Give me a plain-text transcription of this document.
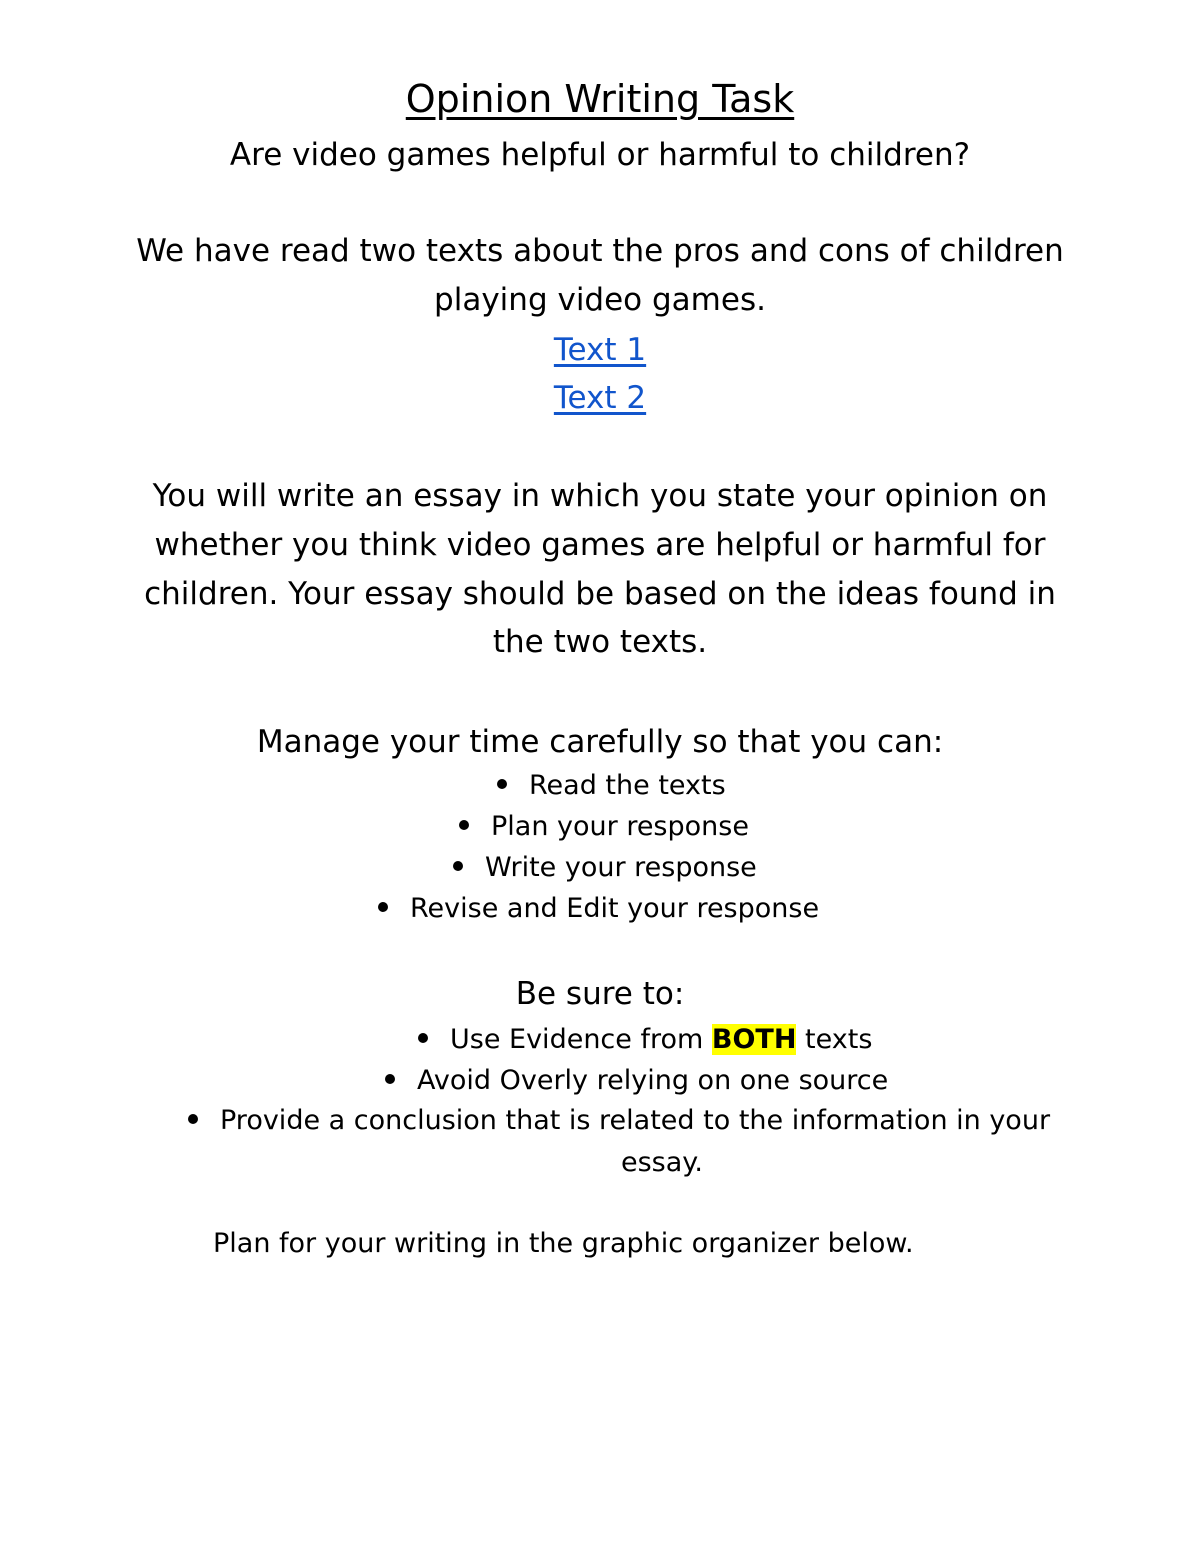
Opinion Writing Task
Are video games helpful or harmful to children?
We have read two texts about the pros and cons of children
playing video games.
Text 1
Text 2
You will write an essay in which you state your opinion on
whether you think video games are helpful or harmful for
children. Your essay should be based on the ideas found in
the two texts.
Manage your time carefully so that you can:
Read the texts
Plan your response
Write your response
Revise and Edit your response
Be sure to:
Use Evidence from BOTH texts
Avoid Overly relying on one source
Provide a conclusion that is related to the information in your
essay.
Plan for your writing in the graphic organizer below.
